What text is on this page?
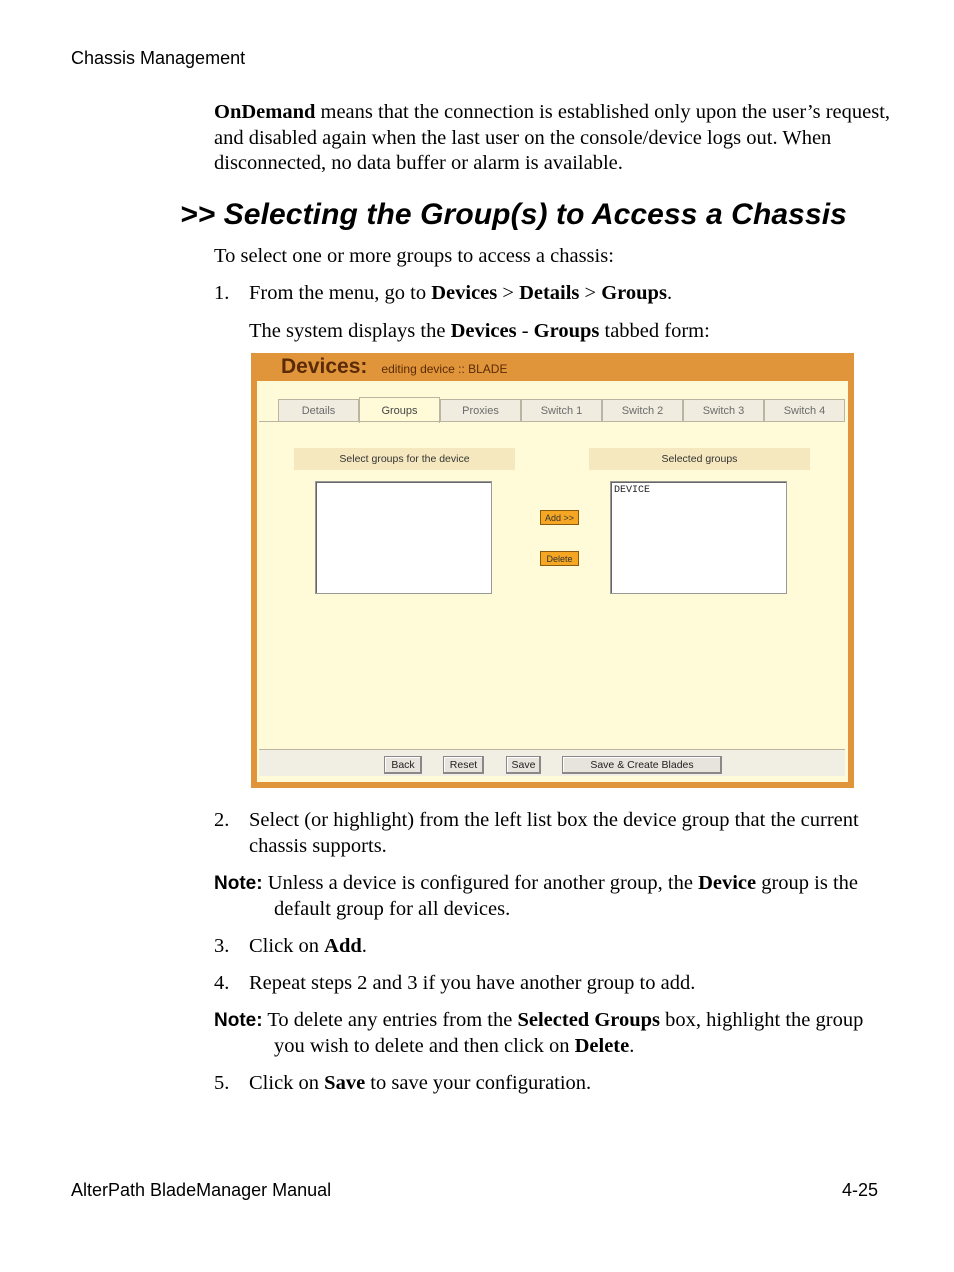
Chassis Management
OnDemand means that the connection is established only upon the user’s request, and disabled again when the last user on the console/device logs out. When disconnected, no data buffer or alarm is available.
>> Selecting the Group(s) to Access a Chassis
To select one or more groups to access a chassis:
1. From the menu, go to Devices > Details > Groups.
The system displays the Devices - Groups tabbed form:
Devices: editing device :: BLADE
Details	Groups	Proxies	Switch 1	Switch 2	Switch 3	Switch 4
Select groups for the device	Selected groups
Add >>
Delete
DEVICE
Back	Reset	Save	Save & Create Blades
2. Select (or highlight) from the left list box the device group that the current chassis supports.
Note: Unless a device is configured for another group, the Device group is the default group for all devices.
3. Click on Add.
4. Repeat steps 2 and 3 if you have another group to add.
Note: To delete any entries from the Selected Groups box, highlight the group you wish to delete and then click on Delete.
5. Click on Save to save your configuration.
AlterPath BladeManager Manual	4-25
